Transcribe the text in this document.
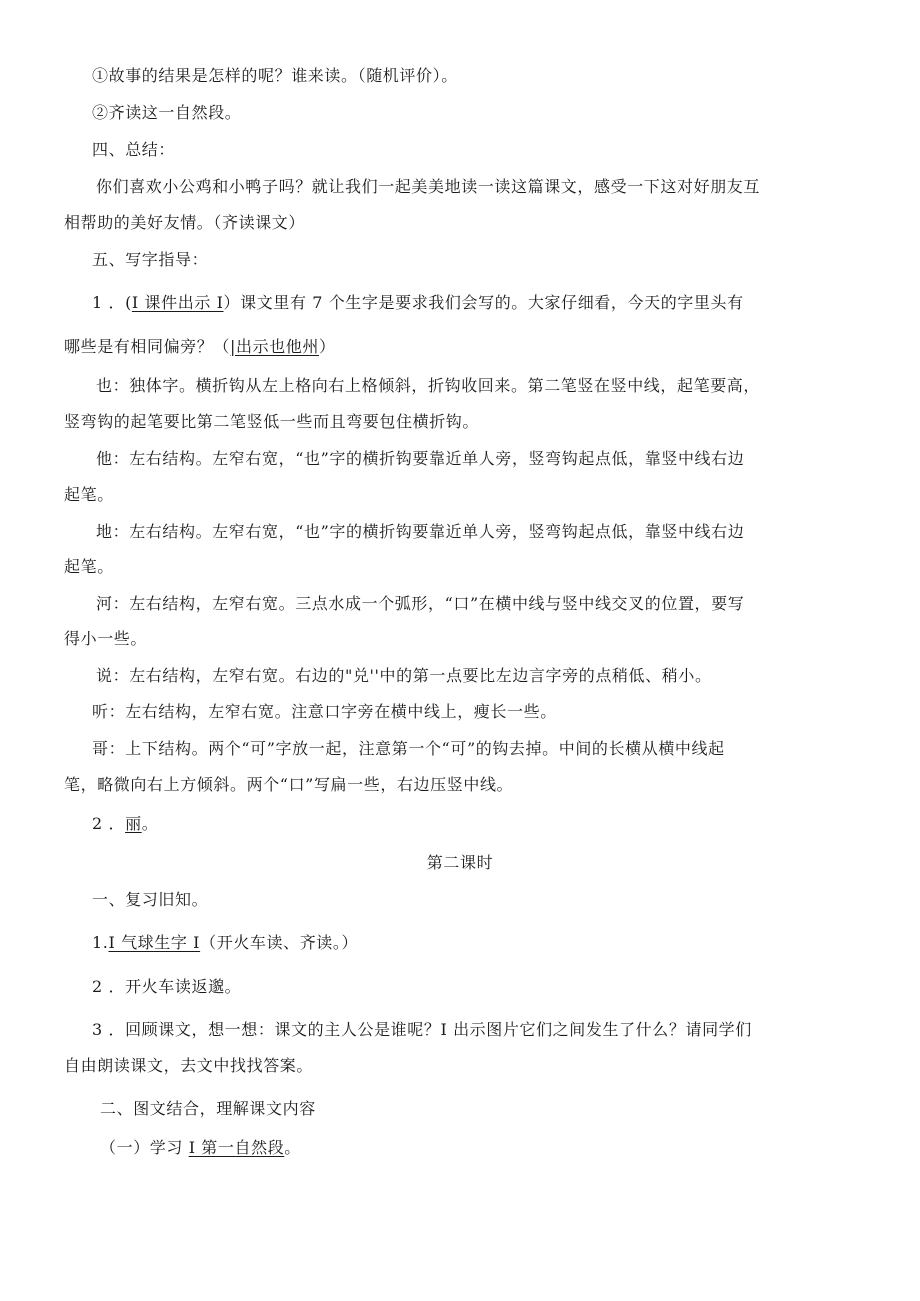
①故事的结果是怎样的呢？谁来读。（随机评价）。
②齐读这一自然段。
四、总结：
你们喜欢小公鸡和小鸭子吗？就让我们一起美美地读一读这篇课文，感受一下这对好朋友互
相帮助的美好友情。（齐读课文）
五、写字指导：
1 ．(I 课件出示 I）课文里有 7 个生字是要求我们会写的。大家仔细看，今天的字里头有
哪些是有相同偏旁？（|出示也他州）
也：独体字。横折钩从左上格向右上格倾斜，折钩收回来。第二笔竖在竖中线，起笔要高，
竖弯钩的起笔要比第二笔竖低一些而且弯要包住横折钩。
他：左右结构。左窄右宽，“也”字的横折钩要靠近单人旁，竖弯钩起点低，靠竖中线右边
起笔。
地：左右结构。左窄右宽，“也”字的横折钩要靠近单人旁，竖弯钩起点低，靠竖中线右边
起笔。
河：左右结构，左窄右宽。三点水成一个弧形，“口”在横中线与竖中线交叉的位置，要写
得小一些。
说：左右结构，左窄右宽。右边的"兑''中的第一点要比左边言字旁的点稍低、稍小。
听：左右结构，左窄右宽。注意口字旁在横中线上，瘦长一些。
哥：上下结构。两个“可”字放一起，注意第一个“可”的钩去掉。中间的长横从横中线起
笔，略微向右上方倾斜。两个“口”写扁一些，右边压竖中线。
2 ．丽。
第二课时
一、复习旧知。
1.I 气球生字 I（开火车读、齐读。）
2 ．开火车读返邈。
3 ．回顾课文，想一想：课文的主人公是谁呢？I 出示图片它们之间发生了什么？请同学们
自由朗读课文，去文中找找答案。
二、图文结合，理解课文内容
（一）学习 I 第一自然段。
